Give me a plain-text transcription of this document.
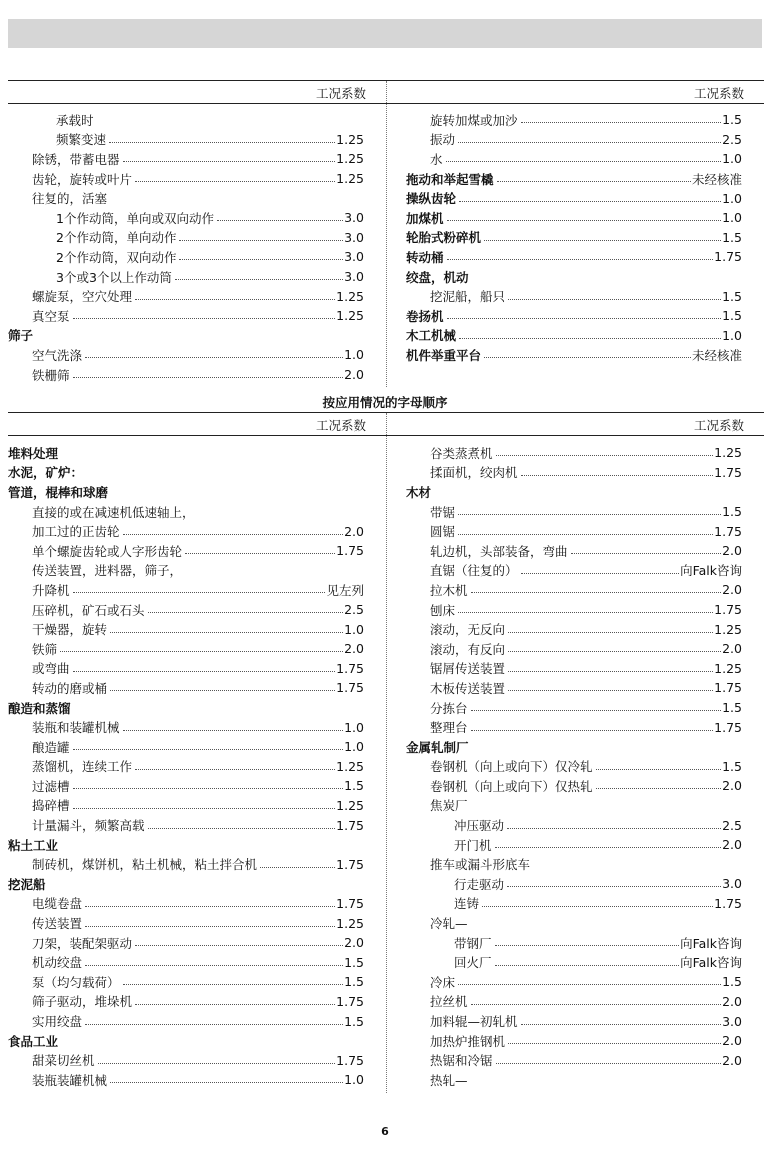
工况系数	工况系数
承载时
频繁变速	1.25
除锈，带蓄电器	1.25
齿轮，旋转或叶片	1.25
往复的，活塞
1个作动筒，单向或双向动作	3.0
2个作动筒，单向动作	3.0
2个作动筒，双向动作	3.0
3个或3个以上作动筒	3.0
螺旋泵，空穴处理	1.25
真空泵	1.25
筛子
空气洗涤	1.0
铁栅筛	2.0
旋转加煤或加沙	1.5
振动	2.5
水	1.0
拖动和举起雪橇	未经核准
操纵齿轮	1.0
加煤机	1.0
轮胎式粉碎机	1.5
转动桶	1.75
绞盘，机动
挖泥船，船只	1.5
卷扬机	1.5
木工机械	1.0
机件举重平台	未经核准
按应用情况的字母顺序
工况系数	工况系数
堆料处理
水泥，矿炉：
管道，棍棒和球磨
直接的或在减速机低速轴上，
加工过的正齿轮	2.0
单个螺旋齿轮或人字形齿轮	1.75
传送装置，进料器，筛子，
升降机	见左列
压碎机，矿石或石头	2.5
干燥器，旋转	1.0
铁筛	2.0
或弯曲	1.75
转动的磨或桶	1.75
酿造和蒸馏
装瓶和装罐机械	1.0
酿造罐	1.0
蒸馏机，连续工作	1.25
过滤槽	1.5
捣碎槽	1.25
计量漏斗，频繁高载	1.75
粘土工业
制砖机，煤饼机，粘土机械，粘土拌合机	1.75
挖泥船
电缆卷盘	1.75
传送装置	1.25
刀架，装配架驱动	2.0
机动绞盘	1.5
泵（均匀载荷）	1.5
筛子驱动，堆垛机	1.75
实用绞盘	1.5
食品工业
甜菜切丝机	1.75
装瓶装罐机械	1.0
谷类蒸煮机	1.25
揉面机，绞肉机	1.75
木材
带锯	1.5
圆锯	1.75
轧边机，头部装备，弯曲	2.0
直锯（往复的）	向Falk咨询
拉木机	2.0
刨床	1.75
滚动，无反向	1.25
滚动，有反向	2.0
锯屑传送装置	1.25
木板传送装置	1.75
分拣台	1.5
整理台	1.75
金属轧制厂
卷钢机（向上或向下）仅冷轧	1.5
卷钢机（向上或向下）仅热轧	2.0
焦炭厂
冲压驱动	2.5
开门机	2.0
推车或漏斗形底车
行走驱动	3.0
连铸	1.75
冷轧—
带钢厂	向Falk咨询
回火厂	向Falk咨询
冷床	1.5
拉丝机	2.0
加料辊—初轧机	3.0
加热炉推钢机	2.0
热锯和冷锯	2.0
热轧—
6
